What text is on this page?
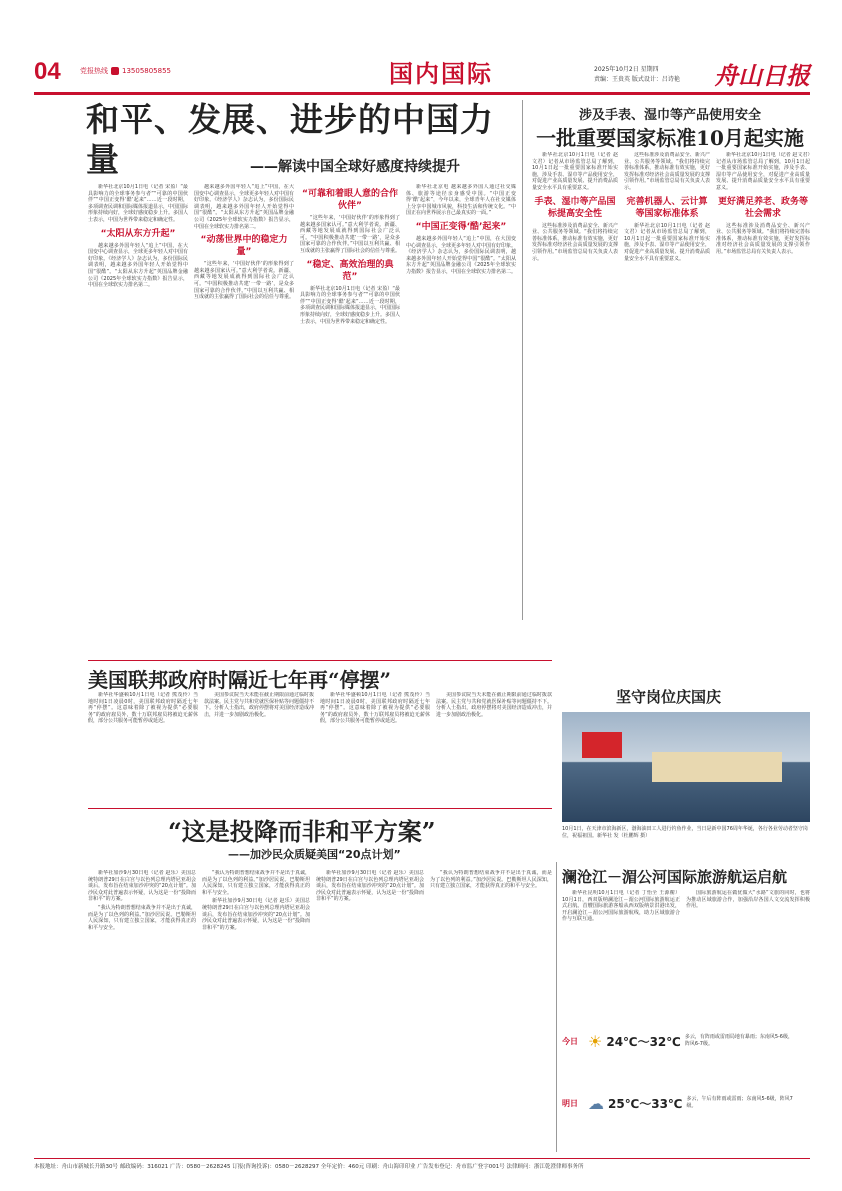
04	党报热线 13505805855	国内国际	2025年10月2日 星期四
责编：王贵英 版式设计：吕诗艳 舟山日报
和平、发展、进步的中国力量	——解读中国全球好感度持续提升

新华社北京10月1日电（记者 宋盈）“最具影响力的全球事务参与者”“可靠的中国伙伴”“中国正变得‘酷’起来”……近一段时期，多项调查民调和国际媒体报道显示，中国国际形象持续向好，全球好感度稳步上升。多国人士表示，中国为世界带来稳定和确定性。

“太阳从东方升起”

越来越多外国年轻人“追上”中国，在大国变中心调查显示，全球更多年轻人对中国有好印象。《经济学人》杂志认为，多份国际民调表明，越来越多外国年轻人开始觉得中国“很酷”。“太阳从东方升起”英国品牌金融公司《2025年全球软实力指数》报告显示，中国在全球软实力排名第二。

越来越多外国年轻人“追上”中国，在大国变中心调查显示，全球更多年轻人对中国有好印象。《经济学人》杂志认为，多份国际民调表明，越来越多外国年轻人开始觉得中国“很酷”。“太阳从东方升起”英国品牌金融公司《2025年全球软实力指数》报告显示，中国在全球软实力排名第二。

“动荡世界中的稳定力量”

“这些年来，‘中国好伙伴’的形象得到了越来越多国家认可。”意大利学者说。新疆、西藏等地发展成就得到国际社会广泛认可。“中国积极推动共建‘一带一路’，是众多国家可靠的合作伙伴。”中国以互利共赢、相互成就的主张赢得了国际社会的信任与尊重。

“可靠和着眼人意的合作伙伴”

“这些年来，‘中国好伙伴’的形象得到了越来越多国家认可。”意大利学者说。新疆、西藏等地发展成就得到国际社会广泛认可。“中国积极推动共建‘一带一路’，是众多国家可靠的合作伙伴。”中国以互利共赢、相互成就的主张赢得了国际社会的信任与尊重。

“稳定、高效治理的典范”

新华社北京10月1日电（记者 宋盈）“最具影响力的全球事务参与者”“可靠的中国伙伴”“中国正变得‘酷’起来”……近一段时期，多项调查民调和国际媒体报道显示，中国国际形象持续向好，全球好感度稳步上升。多国人士表示，中国为世界带来稳定和确定性。

新华社北京电 越来越多外国人通过社交媒体、旅游等途径亲身感受中国。“中国正变得‘酷’起来”，今年以来，全球青年人在社交媒体上分享中国城市风貌，科技生活和传统文化。“中国正在向世界展示自己最真实的一面。”

“中国正变得‘酷’起来”

越来越多外国年轻人“追上”中国，在大国变中心调查显示，全球更多年轻人对中国有好印象。《经济学人》杂志认为，多份国际民调表明，越来越多外国年轻人开始觉得中国“很酷”。“太阳从东方升起”英国品牌金融公司《2025年全球软实力指数》报告显示，中国在全球软实力排名第二。

涉及手表、湿巾等产品使用安全
一批重要国家标准10月起实施

新华社北京10月1日电（记者 赵文君）记者从市场监管总局了解到，10月1日起一批重要国家标准开始实施，涉及手表、湿巾等产品使用安全，对促进产业高质量发展、提升消费品质量安全水平具有重要意义。

手表、湿巾等产品国标提高安全性

这些标准涉及消费品安全、新兴产业、公共服务等领域。“我们将持续完善标准体系，推动标准有效实施，更好发挥标准对经济社会高质量发展的支撑引领作用。”市场监管总局有关负责人表示。

这些标准涉及消费品安全、新兴产业、公共服务等领域。“我们将持续完善标准体系，推动标准有效实施，更好发挥标准对经济社会高质量发展的支撑引领作用。”市场监管总局有关负责人表示。

完善机器人、云计算等国家标准体系

新华社北京10月1日电（记者 赵文君）记者从市场监管总局了解到，10月1日起一批重要国家标准开始实施，涉及手表、湿巾等产品使用安全，对促进产业高质量发展、提升消费品质量安全水平具有重要意义。

新华社北京10月1日电（记者 赵文君）记者从市场监管总局了解到，10月1日起一批重要国家标准开始实施，涉及手表、湿巾等产品使用安全，对促进产业高质量发展、提升消费品质量安全水平具有重要意义。

更好满足养老、政务等社会需求

这些标准涉及消费品安全、新兴产业、公共服务等领域。“我们将持续完善标准体系，推动标准有效实施，更好发挥标准对经济社会高质量发展的支撑引领作用。”市场监管总局有关负责人表示。

坚守岗位庆国庆
10月1日，在天津市滨海新区，渤海油田工人进行钓鱼作业，当日是新中国76周年华诞，各行各业劳动者坚守岗位，祝福祖国。新华社 发（杜鹏辉 摄）
美国联邦政府时隔近七年再“停摆”

新华社华盛顿10月1日电（记者 熊茂伶）当地时间1日凌晨0时，美国联邦政府时隔近七年再“停摆”。这意味着除了被视为提供“必要服务”的政府雇员外，数十万联邦雇员将被迫无薪休假，部分公共服务可能暂停或延迟。

美国参议院当天未能在截止期限前通过临时拨款法案。民主党与共和党就医保补贴等问题僵持不下。分析人士指出，政府停摆将对美国经济造成冲击，并进一步加剧政治极化。

新华社华盛顿10月1日电（记者 熊茂伶）当地时间1日凌晨0时，美国联邦政府时隔近七年再“停摆”。这意味着除了被视为提供“必要服务”的政府雇员外，数十万联邦雇员将被迫无薪休假，部分公共服务可能暂停或延迟。

美国参议院当天未能在截止期限前通过临时拨款法案。民主党与共和党就医保补贴等问题僵持不下。分析人士指出，政府停摆将对美国经济造成冲击，并进一步加剧政治极化。

“这是投降而非和平方案”
——加沙民众质疑美国“20点计划”

新华社加沙9月30日电（记者 赵乐）美国总统特朗普29日在白宫与以色列总理内塔尼亚胡会谈后，发布旨在结束加沙冲突的“20点计划”。加沙民众对此普遍表示怀疑，认为这是一份“投降而非和平”的方案。

“我认为特朗普想结束战争并不是出于真诚，而是为了以色列的利益。”加沙居民说。巴勒斯坦人民深知，只有建立独立国家，才能获得真正的和平与安全。

“我认为特朗普想结束战争并不是出于真诚，而是为了以色列的利益。”加沙居民说。巴勒斯坦人民深知，只有建立独立国家，才能获得真正的和平与安全。

新华社加沙9月30日电（记者 赵乐）美国总统特朗普29日在白宫与以色列总理内塔尼亚胡会谈后，发布旨在结束加沙冲突的“20点计划”。加沙民众对此普遍表示怀疑，认为这是一份“投降而非和平”的方案。

新华社加沙9月30日电（记者 赵乐）美国总统特朗普29日在白宫与以色列总理内塔尼亚胡会谈后，发布旨在结束加沙冲突的“20点计划”。加沙民众对此普遍表示怀疑，认为这是一份“投降而非和平”的方案。

“我认为特朗普想结束战争并不是出于真诚，而是为了以色列的利益。”加沙居民说。巴勒斯坦人民深知，只有建立独立国家，才能获得真正的和平与安全。

澜沧江－湄公河国际旅游航运启航

新华社昆明10月1日电（记者 丁怡全 王源蘅）10月1日，西双版纳澜沧江－湄公河国际旅游航运正式启航。首艘国际旅游客船从西双版纳景洪港出发，开启澜沧江－湄公河国际旅游航线，助力区域旅游合作与互联互通。

国际旅游航运在做优做大“水路”文旅的同时，也将为推动区域旅游合作，加强沿岸各国人文交流发挥积极作用。

今日 ☀ 24℃～32℃ 多云，有阵雨或雷雨局地有暴雨；东南风5-6级，阵风6-7级。
明日 ☁ 25℃～33℃ 多云，午后有阵雨或雷雨；东南风5-6级，阵风7级。
本报地址：舟山市新城长升路30号 邮政编码：316021 广告：0580－2628245 订报(咨询投诉)：0580－2628297 全年定价：460元 印刷：舟山海印印业 广告发布登记：舟市监广登字001号 法律顾问：浙江乾澄律师事务所
